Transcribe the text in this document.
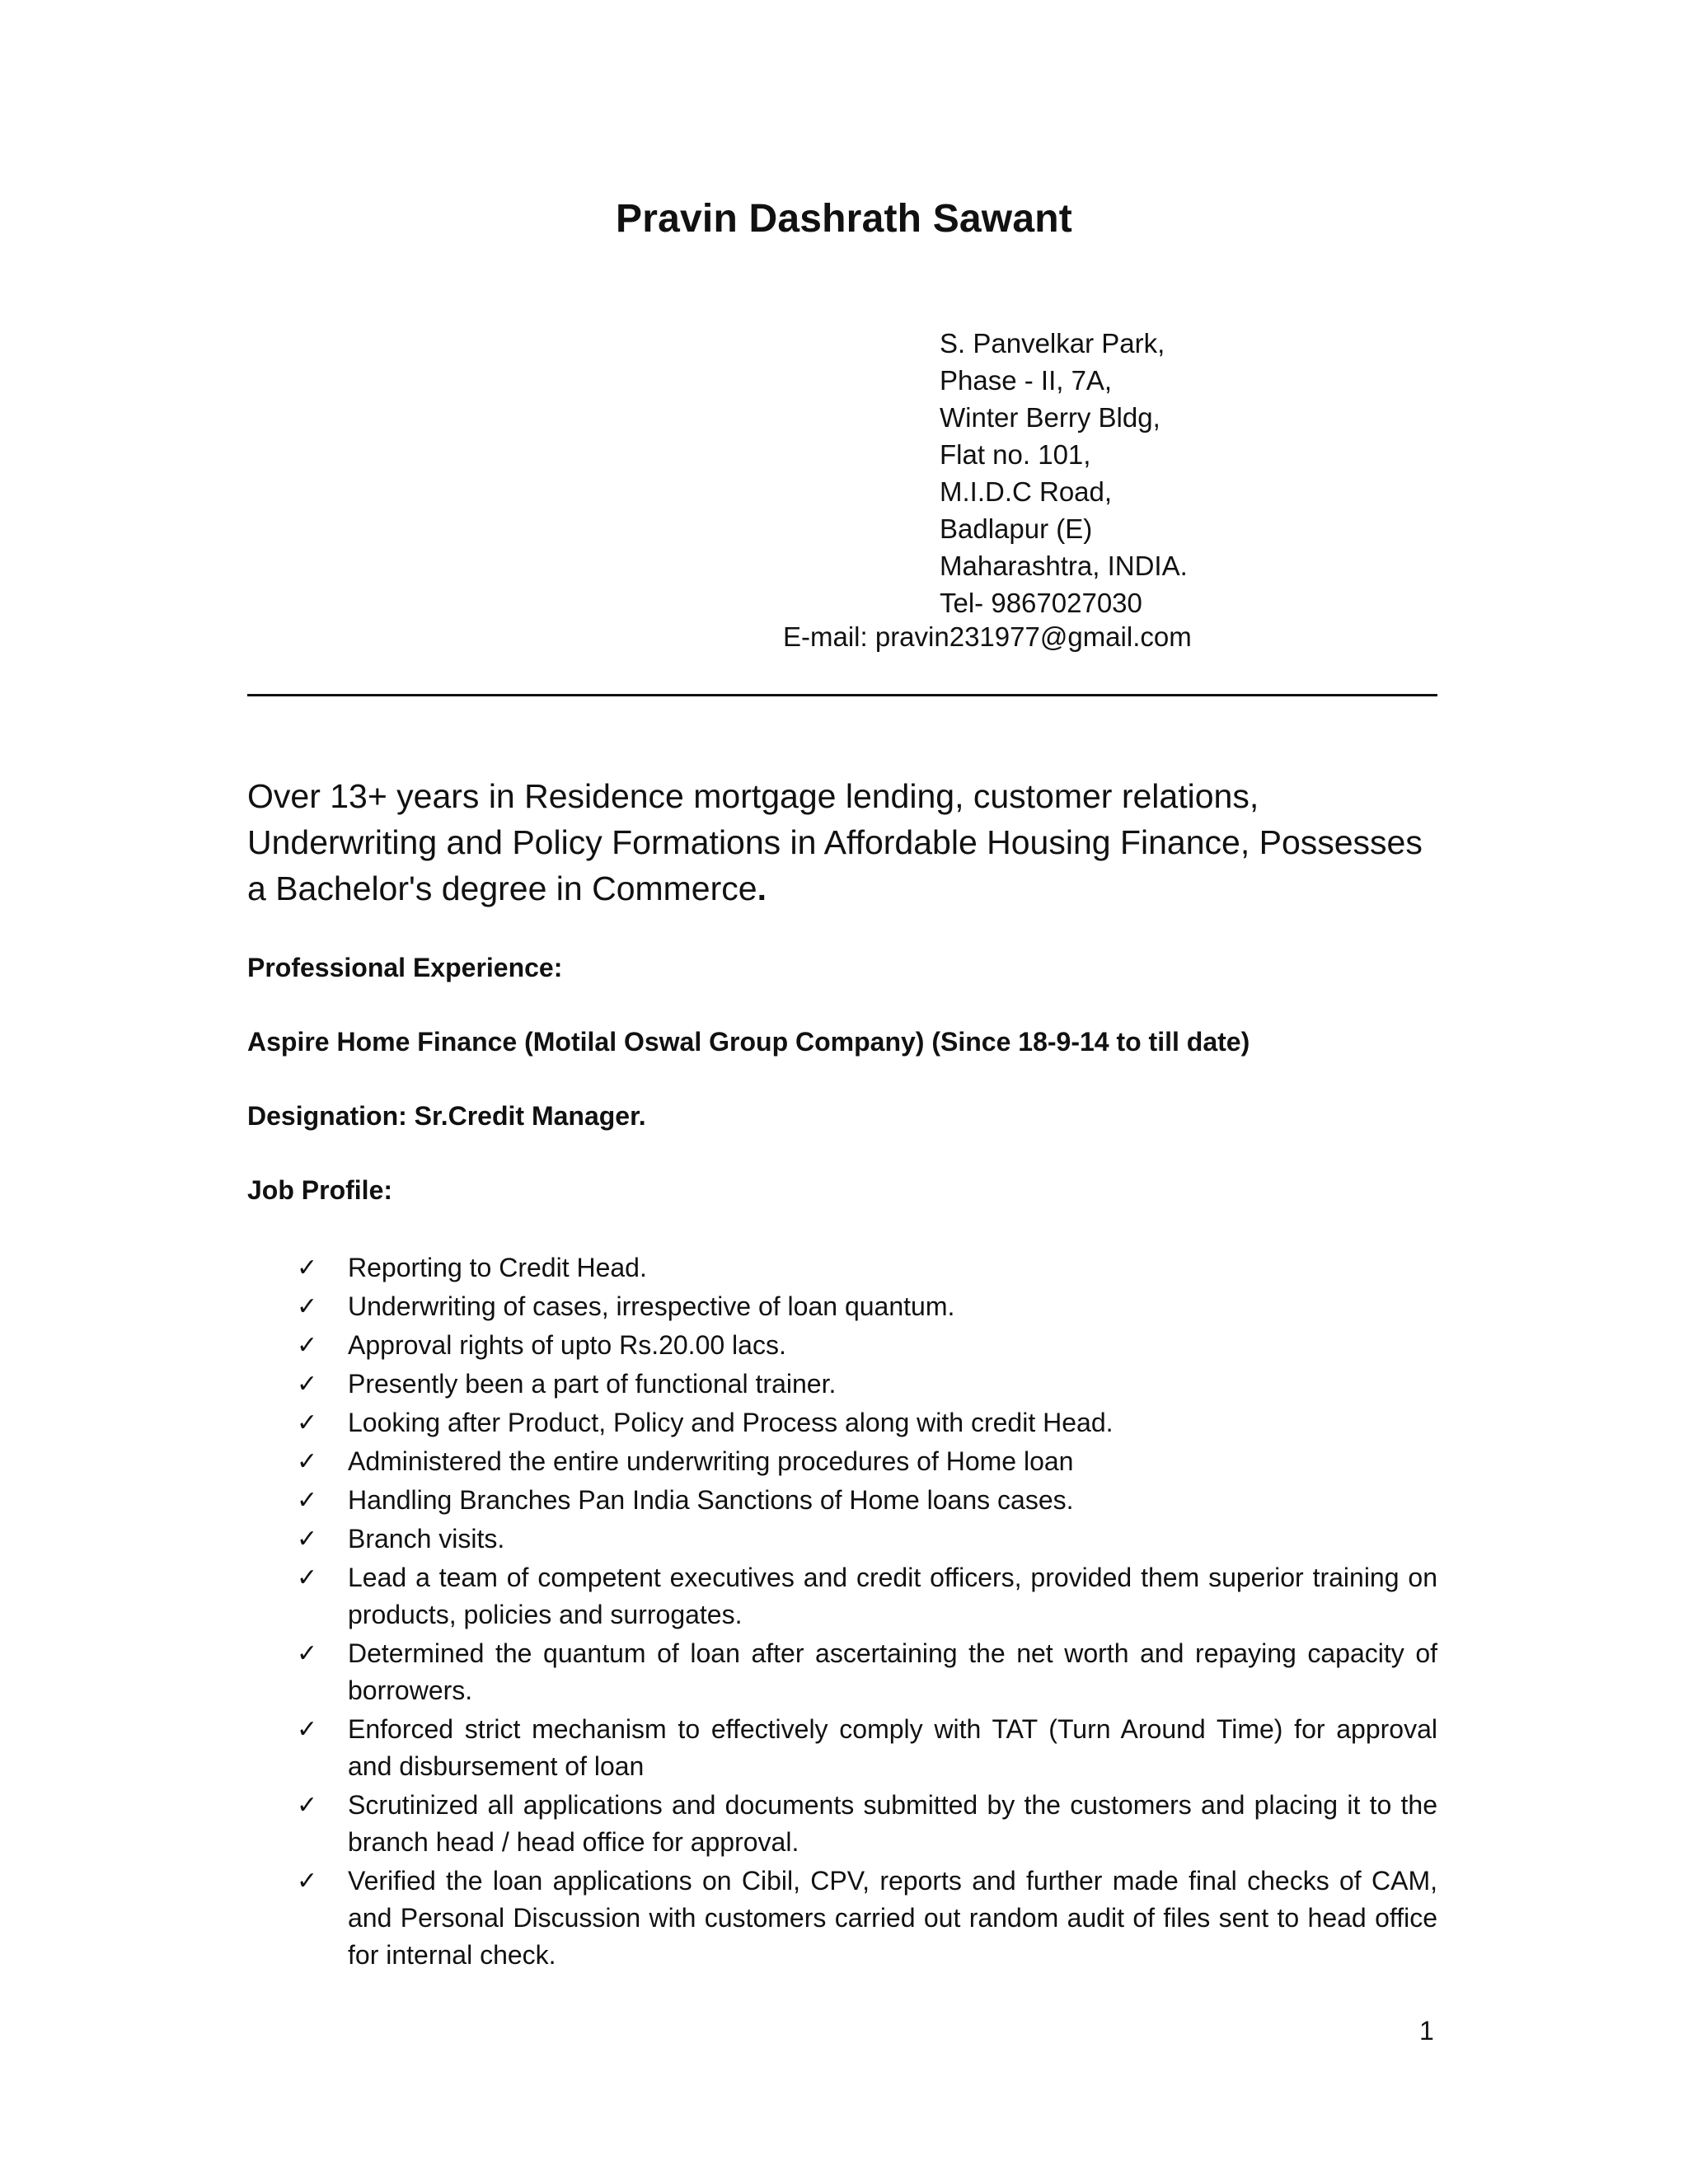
Pravin Dashrath Sawant
S. Panvelkar Park,
Phase - II, 7A,
Winter Berry Bldg,
Flat no. 101,
M.I.D.C Road,
Badlapur (E)
Maharashtra, INDIA.
Tel- 9867027030
E-mail: pravin231977@gmail.com
Over 13+ years in Residence mortgage lending, customer relations, Underwriting and Policy Formations in Affordable Housing Finance, Possesses a Bachelor's degree in Commerce.
Professional Experience:
Aspire Home Finance (Motilal Oswal Group Company) (Since 18-9-14 to till date)
Designation: Sr.Credit Manager.
Job Profile:
✓ Reporting to Credit Head.
✓ Underwriting of cases, irrespective of loan quantum.
✓ Approval rights of upto Rs.20.00 lacs.
✓ Presently been a part of functional trainer.
✓ Looking after Product, Policy and Process along with credit Head.
✓ Administered the entire underwriting procedures of Home loan
✓ Handling Branches Pan India Sanctions of Home loans cases.
✓ Branch visits.
✓ Lead a team of competent executives and credit officers, provided them superior training on products, policies and surrogates.
✓ Determined the quantum of loan after ascertaining the net worth and repaying capacity of borrowers.
✓ Enforced strict mechanism to effectively comply with TAT (Turn Around Time) for approval and disbursement of loan
✓ Scrutinized all applications and documents submitted by the customers and placing it to the branch head / head office for approval.
✓ Verified the loan applications on Cibil, CPV, reports and further made final checks of CAM, and Personal Discussion with customers carried out random audit of files sent to head office for internal check.
1
